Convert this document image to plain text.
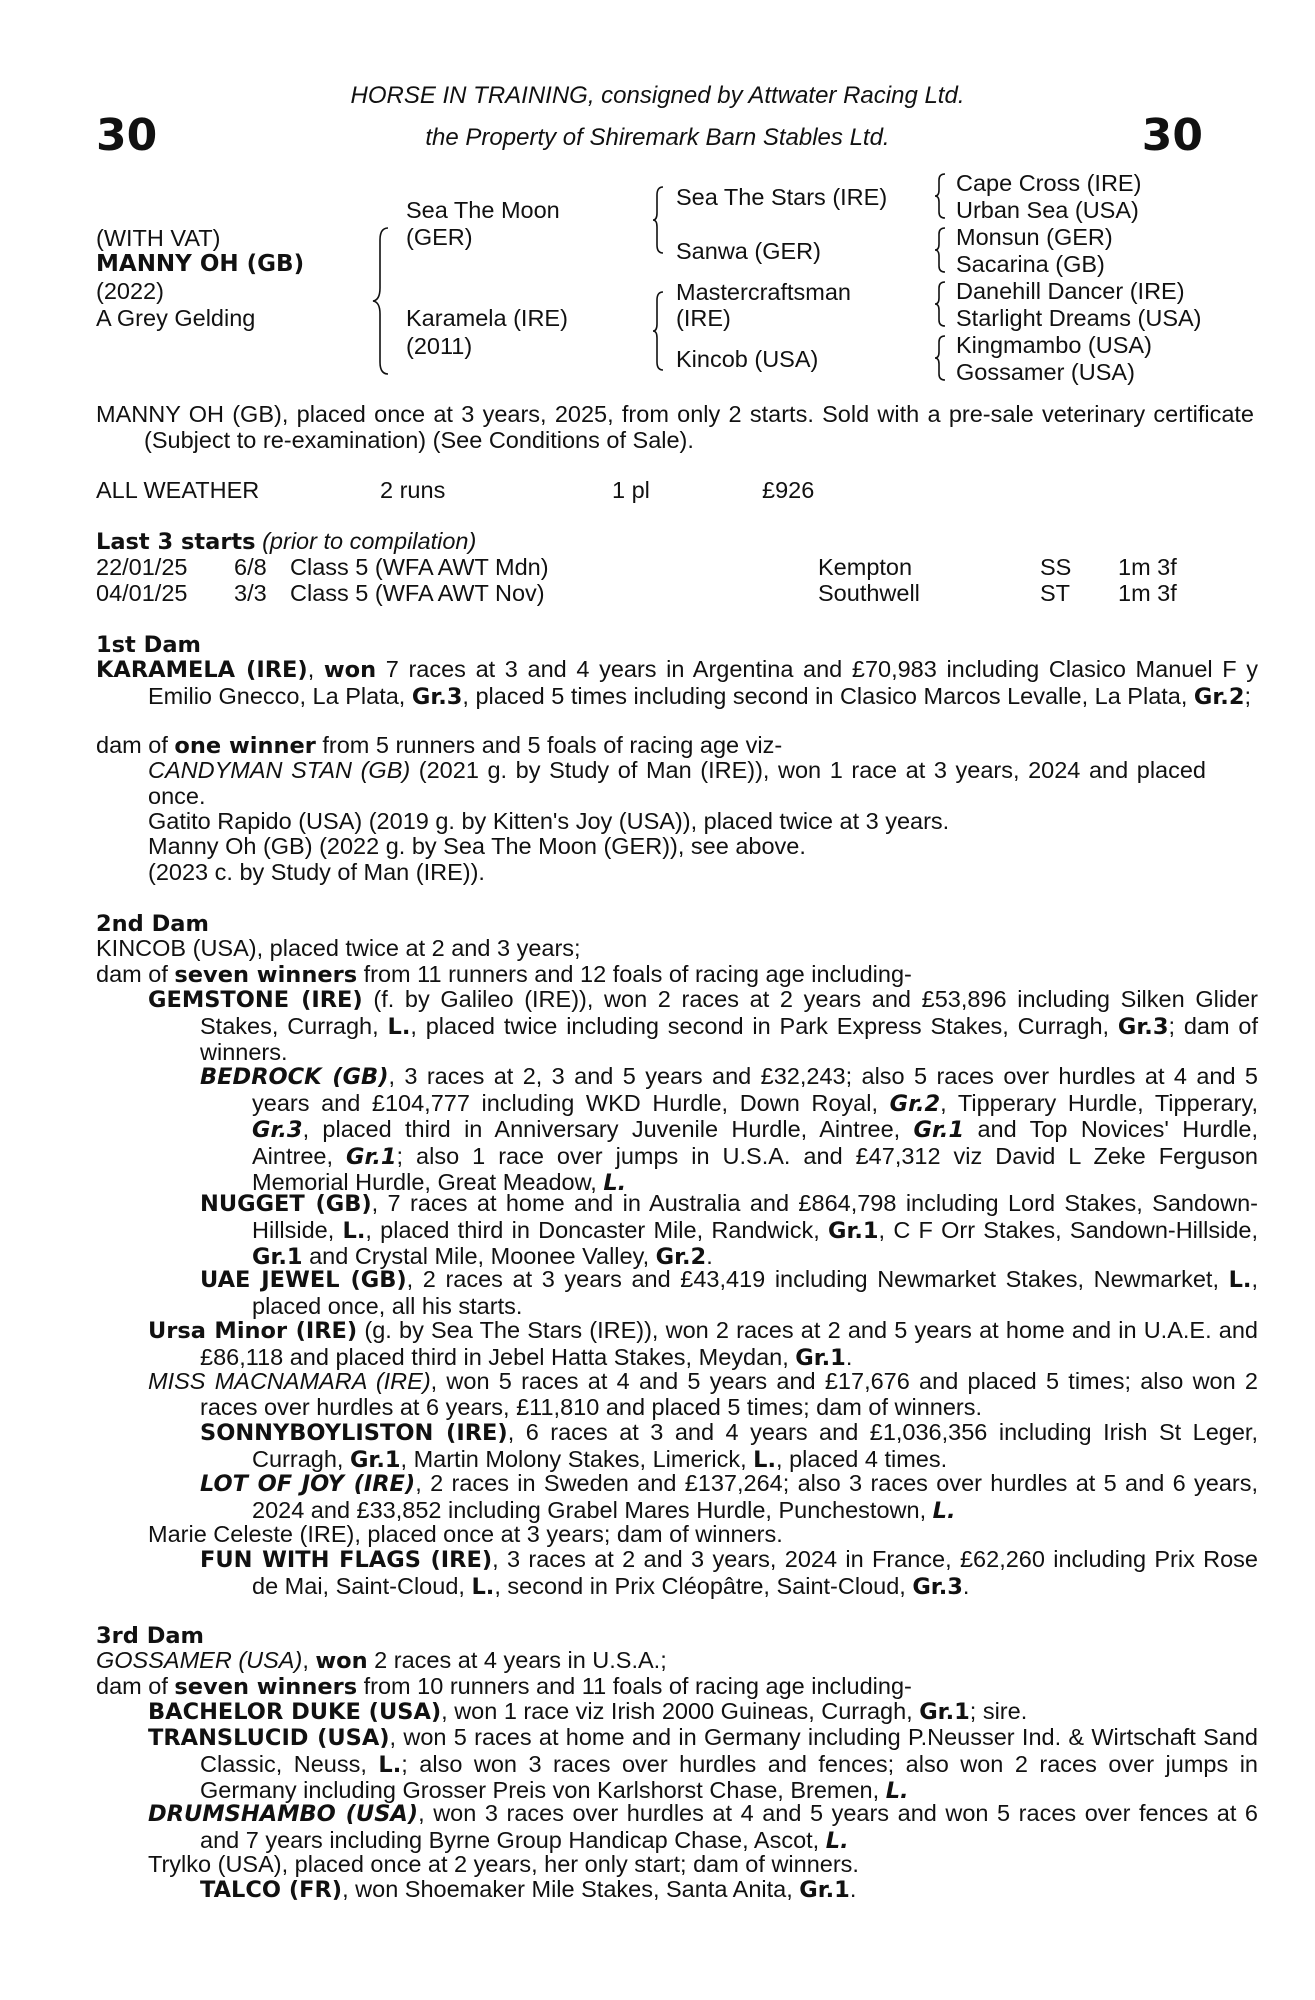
30	30
HORSE IN TRAINING, consigned by Attwater Racing Ltd.
the Property of Shiremark Barn Stables Ltd.
(WITH VAT)
MANNY OH (GB)
(2022)
A Grey Gelding
Sea The Moon
(GER)
Karamela (IRE)
(2011)
Sea The Stars (IRE)
Sanwa (GER)
Mastercraftsman
(IRE)
Kincob (USA)
Cape Cross (IRE)
Urban Sea (USA)
Monsun (GER)
Sacarina (GB)
Danehill Dancer (IRE)
Starlight Dreams (USA)
Kingmambo (USA)
Gossamer (USA)
MANNY OH (GB), placed once at 3 years, 2025, from only 2 starts. Sold with a pre-sale veterinary certificate (Subject to re-examination) (See Conditions of Sale).
ALL WEATHER	2 runs	1 pl	£926
Last 3 starts (prior to compilation)
22/01/25 6/8 Class 5 (WFA AWT Mdn)	Kempton	SS 1m 3f
04/01/25 3/3 Class 5 (WFA AWT Nov)	Southwell	ST 1m 3f
1st Dam
KARAMELA (IRE), won 7 races at 3 and 4 years in Argentina and £70,983 including Clasico Manuel F y Emilio Gnecco, La Plata, Gr.3, placed 5 times including second in Clasico Marcos Levalle, La Plata, Gr.2;
dam of one winner from 5 runners and 5 foals of racing age viz-
CANDYMAN STAN (GB) (2021 g. by Study of Man (IRE)), won 1 race at 3 years, 2024 and placed once.
Gatito Rapido (USA) (2019 g. by Kitten's Joy (USA)), placed twice at 3 years.
Manny Oh (GB) (2022 g. by Sea The Moon (GER)), see above.
(2023 c. by Study of Man (IRE)).
2nd Dam
KINCOB (USA), placed twice at 2 and 3 years;
dam of seven winners from 11 runners and 12 foals of racing age including-
GEMSTONE (IRE) (f. by Galileo (IRE)), won 2 races at 2 years and £53,896 including Silken Glider Stakes, Curragh, L., placed twice including second in Park Express Stakes, Curragh, Gr.3; dam of winners.
BEDROCK (GB), 3 races at 2, 3 and 5 years and £32,243; also 5 races over hurdles at 4 and 5 years and £104,777 including WKD Hurdle, Down Royal, Gr.2, Tipperary Hurdle, Tipperary, Gr.3, placed third in Anniversary Juvenile Hurdle, Aintree, Gr.1 and Top Novices' Hurdle, Aintree, Gr.1; also 1 race over jumps in U.S.A. and £47,312 viz David L Zeke Ferguson Memorial Hurdle, Great Meadow, L.
NUGGET (GB), 7 races at home and in Australia and £864,798 including Lord Stakes, Sandown-Hillside, L., placed third in Doncaster Mile, Randwick, Gr.1, C F Orr Stakes, Sandown-Hillside, Gr.1 and Crystal Mile, Moonee Valley, Gr.2.
UAE JEWEL (GB), 2 races at 3 years and £43,419 including Newmarket Stakes, Newmarket, L., placed once, all his starts.
Ursa Minor (IRE) (g. by Sea The Stars (IRE)), won 2 races at 2 and 5 years at home and in U.A.E. and £86,118 and placed third in Jebel Hatta Stakes, Meydan, Gr.1.
MISS MACNAMARA (IRE), won 5 races at 4 and 5 years and £17,676 and placed 5 times; also won 2 races over hurdles at 6 years, £11,810 and placed 5 times; dam of winners.
SONNYBOYLISTON (IRE), 6 races at 3 and 4 years and £1,036,356 including Irish St Leger, Curragh, Gr.1, Martin Molony Stakes, Limerick, L., placed 4 times.
LOT OF JOY (IRE), 2 races in Sweden and £137,264; also 3 races over hurdles at 5 and 6 years, 2024 and £33,852 including Grabel Mares Hurdle, Punchestown, L.
Marie Celeste (IRE), placed once at 3 years; dam of winners.
FUN WITH FLAGS (IRE), 3 races at 2 and 3 years, 2024 in France, £62,260 including Prix Rose de Mai, Saint-Cloud, L., second in Prix Cléopâtre, Saint-Cloud, Gr.3.
3rd Dam
GOSSAMER (USA), won 2 races at 4 years in U.S.A.;
dam of seven winners from 10 runners and 11 foals of racing age including-
BACHELOR DUKE (USA), won 1 race viz Irish 2000 Guineas, Curragh, Gr.1; sire.
TRANSLUCID (USA), won 5 races at home and in Germany including P.Neusser Ind. & Wirtschaft Sand Classic, Neuss, L.; also won 3 races over hurdles and fences; also won 2 races over jumps in Germany including Grosser Preis von Karlshorst Chase, Bremen, L.
DRUMSHAMBO (USA), won 3 races over hurdles at 4 and 5 years and won 5 races over fences at 6 and 7 years including Byrne Group Handicap Chase, Ascot, L.
Trylko (USA), placed once at 2 years, her only start; dam of winners.
TALCO (FR), won Shoemaker Mile Stakes, Santa Anita, Gr.1.
